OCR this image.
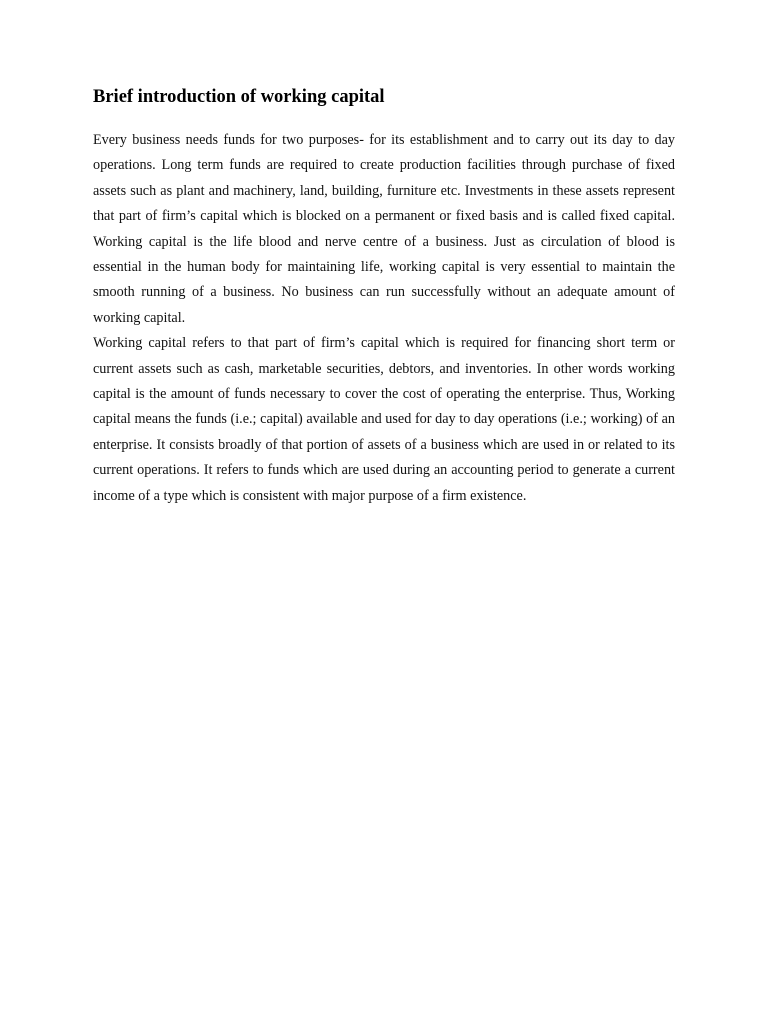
Brief introduction of working capital

Every business needs funds for two purposes- for its establishment and to carry out its day to day operations. Long term funds are required to create production facilities through purchase of fixed assets such as plant and machinery, land, building, furniture etc. Investments in these assets represent that part of firm’s capital which is blocked on a permanent or fixed basis and is called fixed capital. Working capital is the life blood and nerve centre of a business. Just as circulation of blood is essential in the human body for maintaining life, working capital is very essential to maintain the smooth running of a business. No business can run successfully without an adequate amount of working capital.

Working capital refers to that part of firm’s capital which is required for financing short term or current assets such as cash, marketable securities, debtors, and inventories. In other words working capital is the amount of funds necessary to cover the cost of operating the enterprise. Thus, Working capital means the funds (i.e.; capital) available and used for day to day operations (i.e.; working) of an enterprise. It consists broadly of that portion of assets of a business which are used in or related to its current operations. It refers to funds which are used during an accounting period to generate a current income of a type which is consistent with major purpose of a firm existence.
